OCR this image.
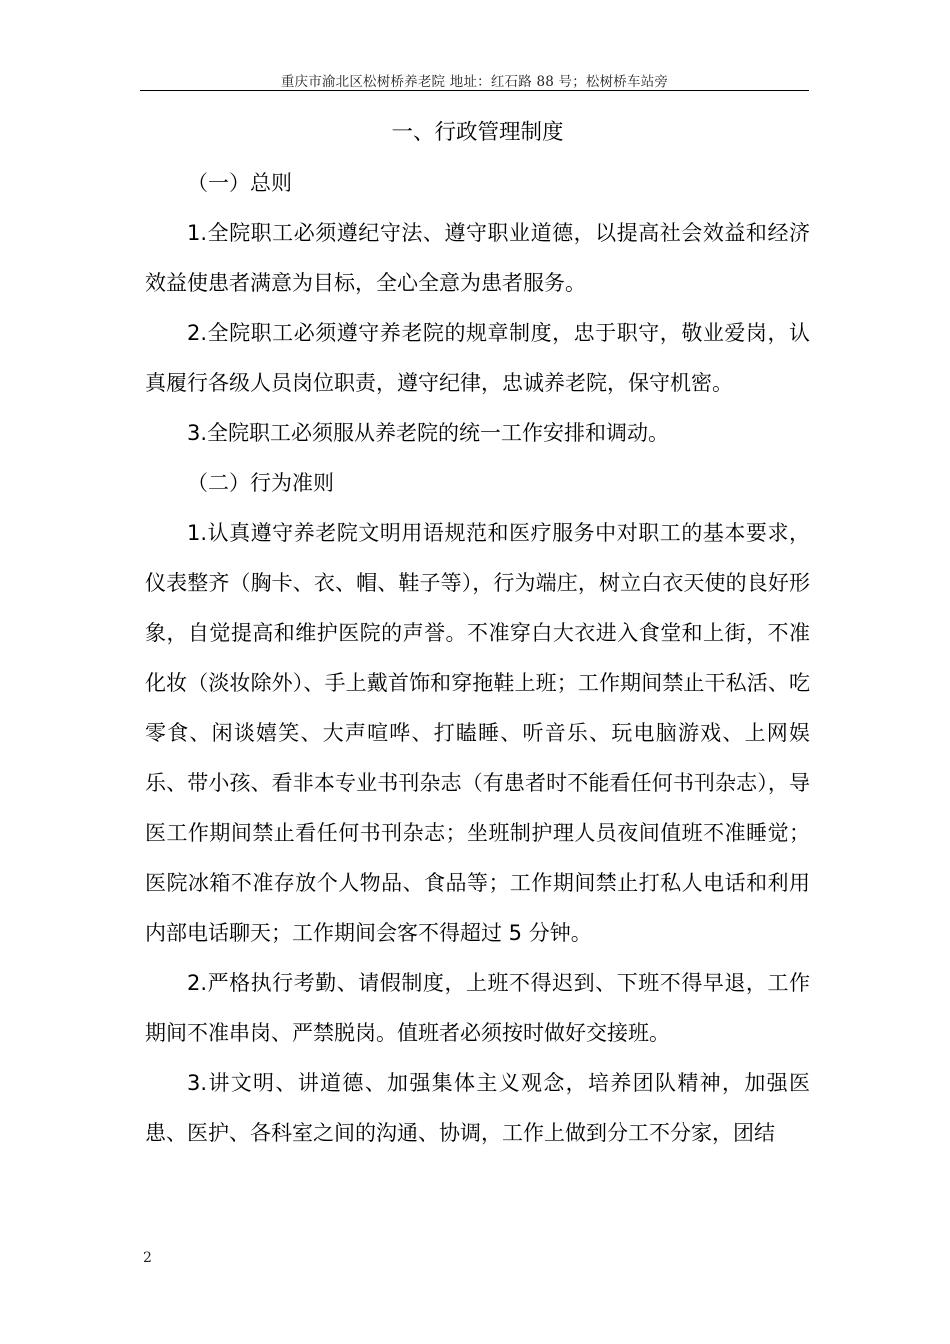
重庆市渝北区松树桥养老院 地址：红石路 88 号；松树桥车站旁

一、行政管理制度

（一）总则

1.全院职工必须遵纪守法、遵守职业道德，以提高社会效益和经济效益使患者满意为目标，全心全意为患者服务。

2.全院职工必须遵守养老院的规章制度，忠于职守，敬业爱岗，认真履行各级人员岗位职责，遵守纪律，忠诚养老院，保守机密。

3.全院职工必须服从养老院的统一工作安排和调动。

（二）行为准则

1.认真遵守养老院文明用语规范和医疗服务中对职工的基本要求，仪表整齐（胸卡、衣、帽、鞋子等），行为端庄，树立白衣天使的良好形象，自觉提高和维护医院的声誉。不准穿白大衣进入食堂和上街，不准化妆（淡妆除外）、手上戴首饰和穿拖鞋上班；工作期间禁止干私活、吃零食、闲谈嬉笑、大声喧哗、打瞌睡、听音乐、玩电脑游戏、上网娱乐、带小孩、看非本专业书刊杂志（有患者时不能看任何书刊杂志），导医工作期间禁止看任何书刊杂志；坐班制护理人员夜间值班不准睡觉；医院冰箱不准存放个人物品、食品等；工作期间禁止打私人电话和利用内部电话聊天；工作期间会客不得超过 5 分钟。

2.严格执行考勤、请假制度，上班不得迟到、下班不得早退，工作期间不准串岗、严禁脱岗。值班者必须按时做好交接班。

3.讲文明、讲道德、加强集体主义观念，培养团队精神，加强医患、医护、各科室之间的沟通、协调，工作上做到分工不分家，团结

2
